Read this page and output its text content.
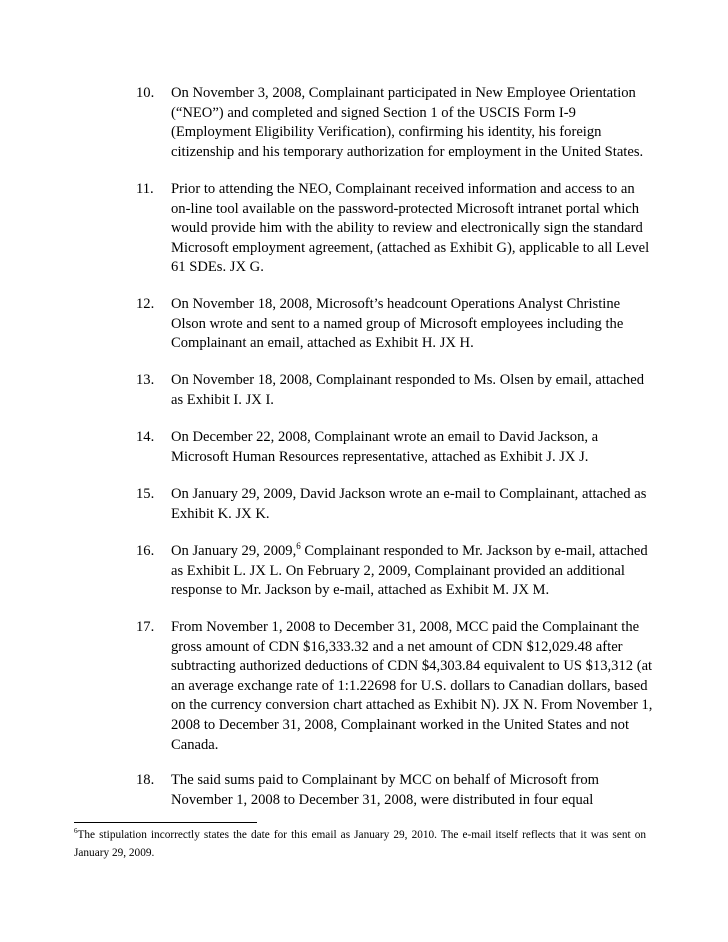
10.	On November 3, 2008, Complainant participated in New Employee Orientation (“NEO”) and completed and signed Section 1 of the USCIS Form I-9 (Employment Eligibility Verification), confirming his identity, his foreign citizenship and his temporary authorization for employment in the United States.
11.	Prior to attending the NEO, Complainant received information and access to an on-line tool available on the password-protected Microsoft intranet portal which would provide him with the ability to review and electronically sign the standard Microsoft employment agreement, (attached as Exhibit G), applicable to all Level 61 SDEs. JX G.
12.	On November 18, 2008, Microsoft’s headcount Operations Analyst Christine Olson wrote and sent to a named group of Microsoft employees including the Complainant an email, attached as Exhibit H. JX H.
13.	On November 18, 2008, Complainant responded to Ms. Olsen by email, attached as Exhibit I. JX I.
14.	On December 22, 2008, Complainant wrote an email to David Jackson, a Microsoft Human Resources representative, attached as Exhibit J. JX J.
15.	On January 29, 2009, David Jackson wrote an e-mail to Complainant, attached as Exhibit K. JX K.
16.	On January 29, 2009,$^6$ Complainant responded to Mr. Jackson by e-mail, attached as Exhibit L. JX L. On February 2, 2009, Complainant provided an additional response to Mr. Jackson by e-mail, attached as Exhibit M. JX M.
17.	From November 1, 2008 to December 31, 2008, MCC paid the Complainant the gross amount of CDN $16,333.32 and a net amount of CDN $12,029.48 after subtracting authorized deductions of CDN $4,303.84 equivalent to US $13,312 (at an average exchange rate of 1:1.22698 for U.S. dollars to Canadian dollars, based on the currency conversion chart attached as Exhibit N). JX N. From November 1, 2008 to December 31, 2008, Complainant worked in the United States and not Canada.
18.	The said sums paid to Complainant by MCC on behalf of Microsoft from November 1, 2008 to December 31, 2008, were distributed in four equal
$^6$The stipulation incorrectly states the date for this email as January 29, 2010. The e-mail itself reflects that it was sent on January 29, 2009.
